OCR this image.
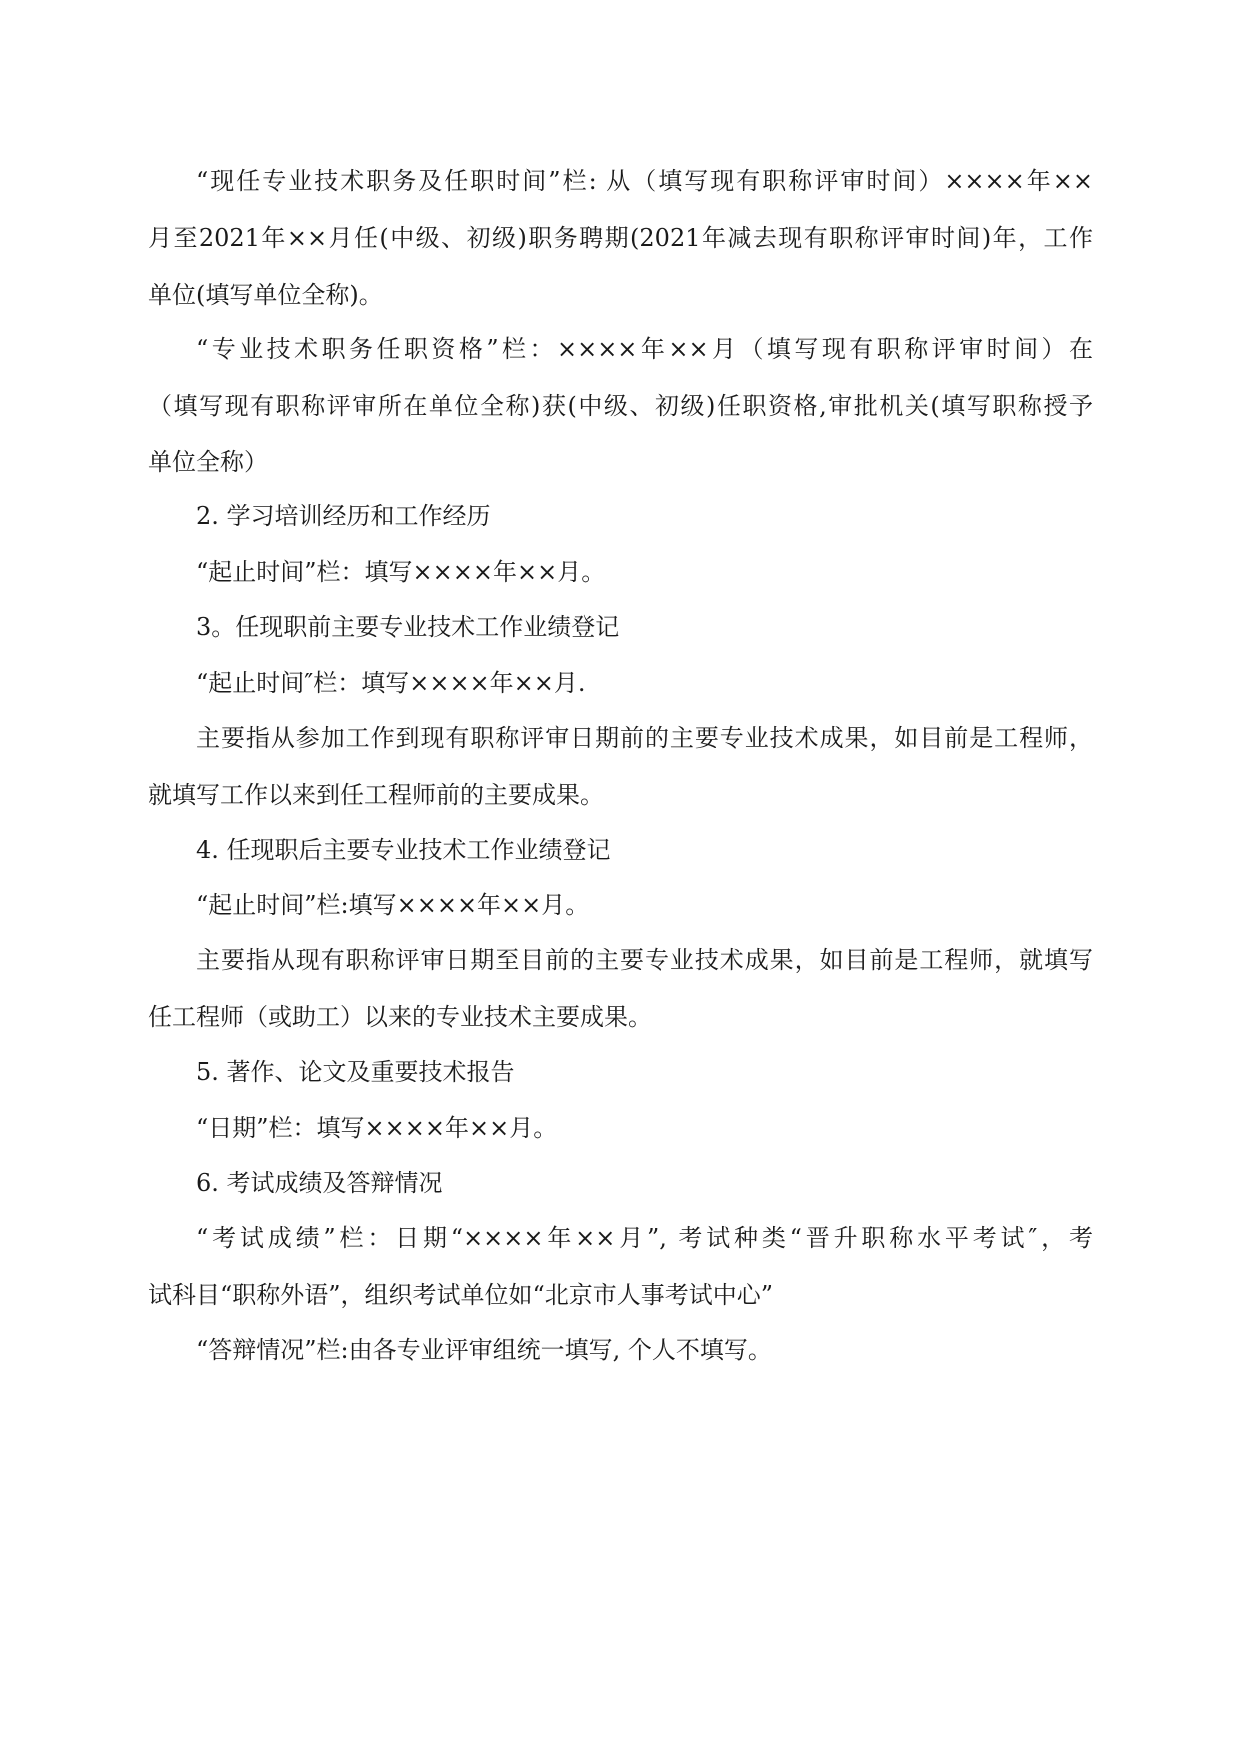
“现任专业技术职务及任职时间”栏: 从（填写现有职称评审时间）××××年××
月至2021年××月任(中级、初级)职务聘期(2021年减去现有职称评审时间)年，工作
单位(填写单位全称)。
“专业技术职务任职资格”栏：××××年××月（填写现有职称评审时间）在
（填写现有职称评审所在单位全称)获(中级、初级)任职资格,审批机关(填写职称授予
单位全称）
2. 学习培训经历和工作经历
“起止时间”栏：填写××××年××月。
3。任现职前主要专业技术工作业绩登记
“起止时间″栏：填写××××年××月.
主要指从参加工作到现有职称评审日期前的主要专业技术成果，如目前是工程师，
就填写工作以来到任工程师前的主要成果。
4. 任现职后主要专业技术工作业绩登记
“起止时间”栏:填写××××年××月。
主要指从现有职称评审日期至目前的主要专业技术成果，如目前是工程师，就填写
任工程师（或助工）以来的专业技术主要成果。
5. 著作、论文及重要技术报告
“日期”栏：填写××××年××月。
6. 考试成绩及答辩情况
“考试成绩”栏：日期“××××年××月”, 考试种类“晋升职称水平考试″，考
试科目“职称外语”，组织考试单位如“北京市人事考试中心”
“答辩情况”栏:由各专业评审组统一填写, 个人不填写。
